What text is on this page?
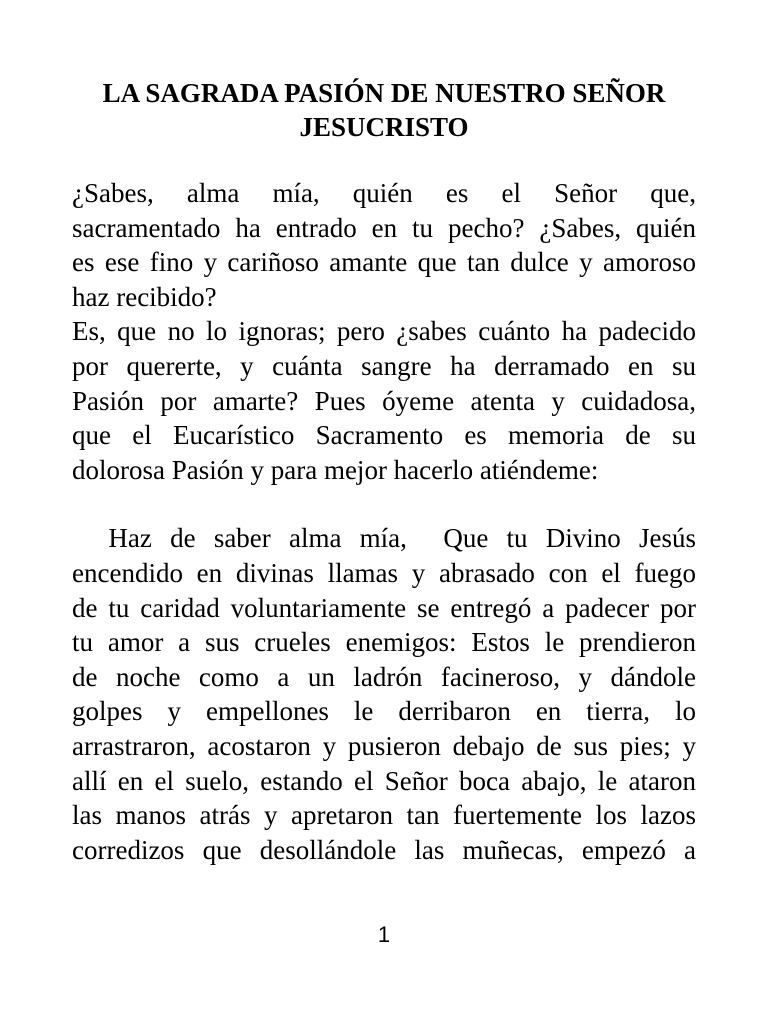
LA SAGRADA PASIÓN DE NUESTRO SEÑOR
JESUCRISTO

¿Sabes, alma mía, quién es el Señor que,
sacramentado ha entrado en tu pecho? ¿Sabes, quién
es ese fino y cariñoso amante que tan dulce y amoroso
haz recibido?

Es, que no lo ignoras; pero ¿sabes cuánto ha padecido
por quererte, y cuánta sangre ha derramado en su
Pasión por amarte? Pues óyeme atenta y cuidadosa,
que el Eucarístico Sacramento es memoria de su
dolorosa Pasión y para mejor hacerlo atiéndeme:

Haz de saber alma mía,  Que tu Divino Jesús
encendido en divinas llamas y abrasado con el fuego
de tu caridad voluntariamente se entregó a padecer por
tu amor a sus crueles enemigos: Estos le prendieron
de noche como a un ladrón facineroso, y dándole
golpes y empellones le derribaron en tierra, lo
arrastraron, acostaron y pusieron debajo de sus pies; y
allí en el suelo, estando el Señor boca abajo, le ataron
las manos atrás y apretaron tan fuertemente los lazos
corredizos que desollándole las muñecas, empezó a

1
